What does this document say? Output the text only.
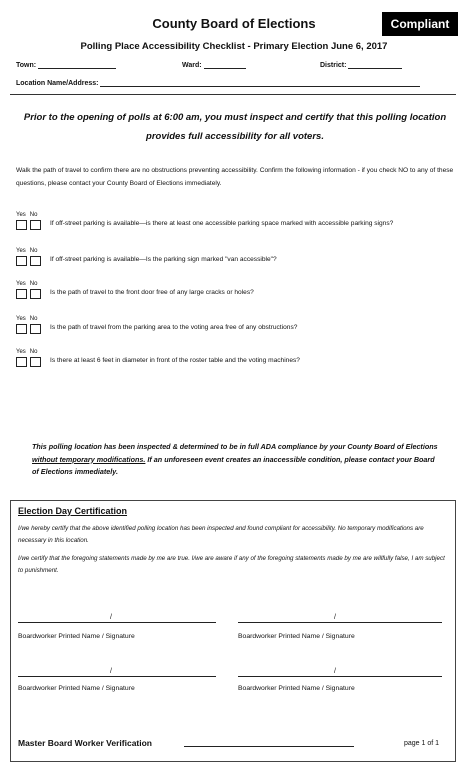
County Board of Elections	Compliant
Polling Place Accessibility Checklist - Primary Election June 6, 2017
Town:	Ward:	District:
Location Name/Address:
Prior to the opening of polls at 6:00 am, you must inspect and certify that this polling location provides full accessibility for all voters.
Walk the path of travel to confirm there are no obstructions preventing accessibility. Confirm the following information - if you check NO to any of these questions, please contact your County Board of Elections immediately.
Yes No
If off-street parking is available—is there at least one accessible parking space marked with accessible parking signs?
Yes No
If off-street parking is available—Is the parking sign marked "van accessible"?
Yes No
Is the path of travel to the front door free of any large cracks or holes?
Yes No
Is the path of travel from the parking area to the voting area free of any obstructions?
Yes No
Is there at least 6 feet in diameter in front of the roster table and the voting machines?
This polling location has been inspected & determined to be in full ADA compliance by your County Board of Elections without temporary modifications. If an unforeseen event creates an inaccessible condition, please contact your Board of Elections immediately.
Election Day Certification
I/we hereby certify that the above identified polling location has been inspected and found compliant for accessibility. No temporary modifications are necessary in this location.
I/we certify that the foregoing statements made by me are true. I/we are aware if any of the foregoing statements made by me are willfully false, I am subject to punishment.
/
Boardworker Printed Name / Signature
/
Boardworker Printed Name / Signature
/
Boardworker Printed Name / Signature
/
Boardworker Printed Name / Signature
Master Board Worker Verification	page 1 of 1
